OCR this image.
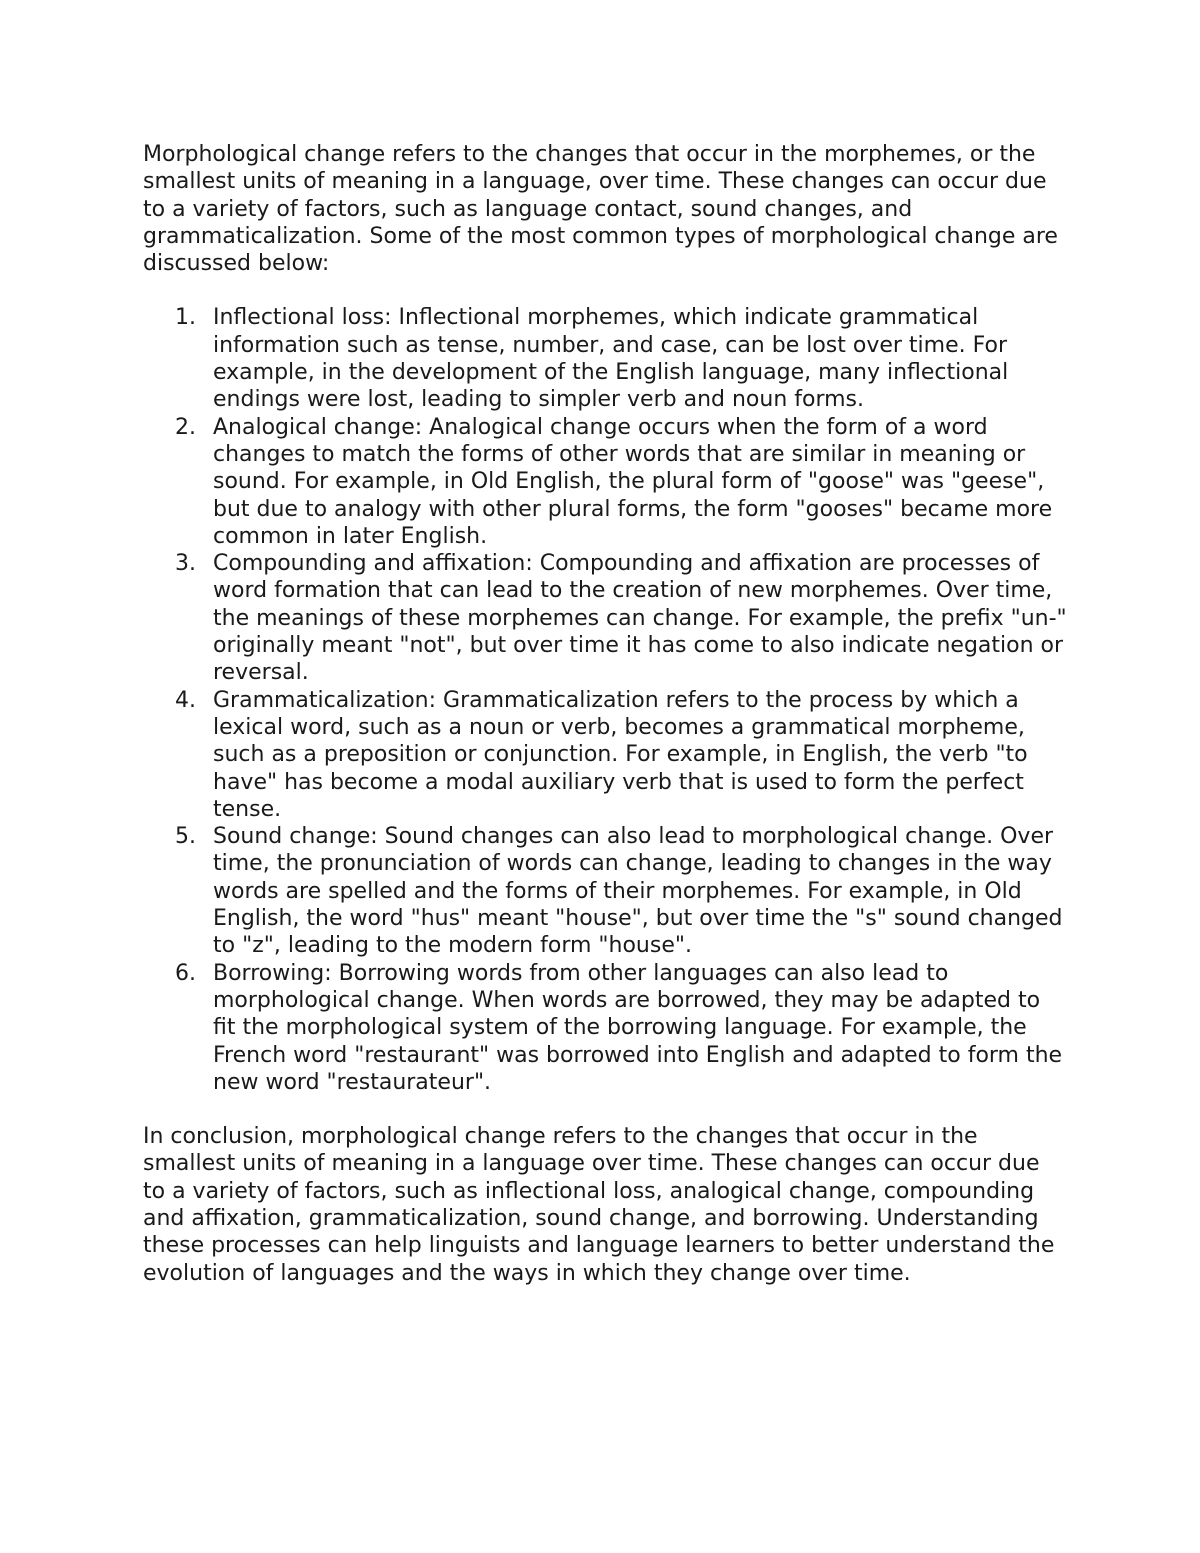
Morphological change refers to the changes that occur in the morphemes, or the smallest units of meaning in a language, over time. These changes can occur due to a variety of factors, such as language contact, sound changes, and grammaticalization. Some of the most common types of morphological change are discussed below:

1. Inflectional loss: Inflectional morphemes, which indicate grammatical information such as tense, number, and case, can be lost over time. For example, in the development of the English language, many inflectional endings were lost, leading to simpler verb and noun forms.
2. Analogical change: Analogical change occurs when the form of a word changes to match the forms of other words that are similar in meaning or sound. For example, in Old English, the plural form of "goose" was "geese", but due to analogy with other plural forms, the form "gooses" became more common in later English.
3. Compounding and affixation: Compounding and affixation are processes of word formation that can lead to the creation of new morphemes. Over time, the meanings of these morphemes can change. For example, the prefix "un-" originally meant "not", but over time it has come to also indicate negation or reversal.
4. Grammaticalization: Grammaticalization refers to the process by which a lexical word, such as a noun or verb, becomes a grammatical morpheme, such as a preposition or conjunction. For example, in English, the verb "to have" has become a modal auxiliary verb that is used to form the perfect tense.
5. Sound change: Sound changes can also lead to morphological change. Over time, the pronunciation of words can change, leading to changes in the way words are spelled and the forms of their morphemes. For example, in Old English, the word "hus" meant "house", but over time the "s" sound changed to "z", leading to the modern form "house".
6. Borrowing: Borrowing words from other languages can also lead to morphological change. When words are borrowed, they may be adapted to fit the morphological system of the borrowing language. For example, the French word "restaurant" was borrowed into English and adapted to form the new word "restaurateur".

In conclusion, morphological change refers to the changes that occur in the smallest units of meaning in a language over time. These changes can occur due to a variety of factors, such as inflectional loss, analogical change, compounding and affixation, grammaticalization, sound change, and borrowing. Understanding these processes can help linguists and language learners to better understand the evolution of languages and the ways in which they change over time.
